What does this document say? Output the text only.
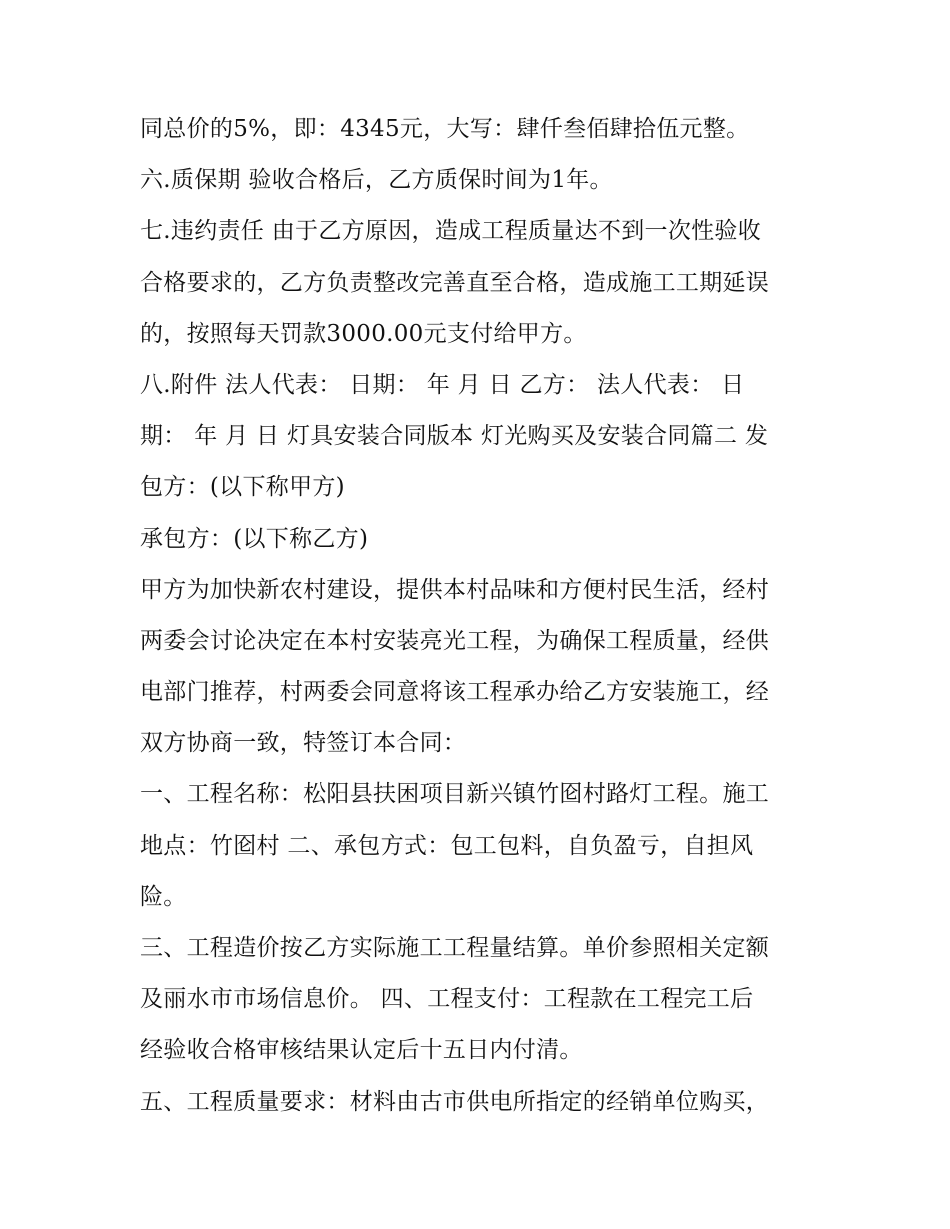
同总价的5%，即：4345元，大写：肆仟叁佰肆拾伍元整。
六.质保期 验收合格后，乙方质保时间为1年。
七.违约责任 由于乙方原因，造成工程质量达不到一次性验收
合格要求的，乙方负责整改完善直至合格，造成施工工期延误
的，按照每天罚款3000.00元支付给甲方。
八.附件 法人代表： 日期： 年 月 日 乙方： 法人代表： 日
期： 年 月 日 灯具安装合同版本 灯光购买及安装合同篇二 发
包方：(以下称甲方)
承包方：(以下称乙方)
甲方为加快新农村建设，提供本村品味和方便村民生活，经村
两委会讨论决定在本村安装亮光工程，为确保工程质量，经供
电部门推荐，村两委会同意将该工程承办给乙方安装施工，经
双方协商一致，特签订本合同：
一、工程名称：松阳县扶困项目新兴镇竹囵村路灯工程。施工
地点：竹囵村 二、承包方式：包工包料，自负盈亏，自担风
险。
三、工程造价按乙方实际施工工程量结算。单价参照相关定额
及丽水市市场信息价。 四、工程支付：工程款在工程完工后
经验收合格审核结果认定后十五日内付清。
五、工程质量要求：材料由古市供电所指定的经销单位购买，
